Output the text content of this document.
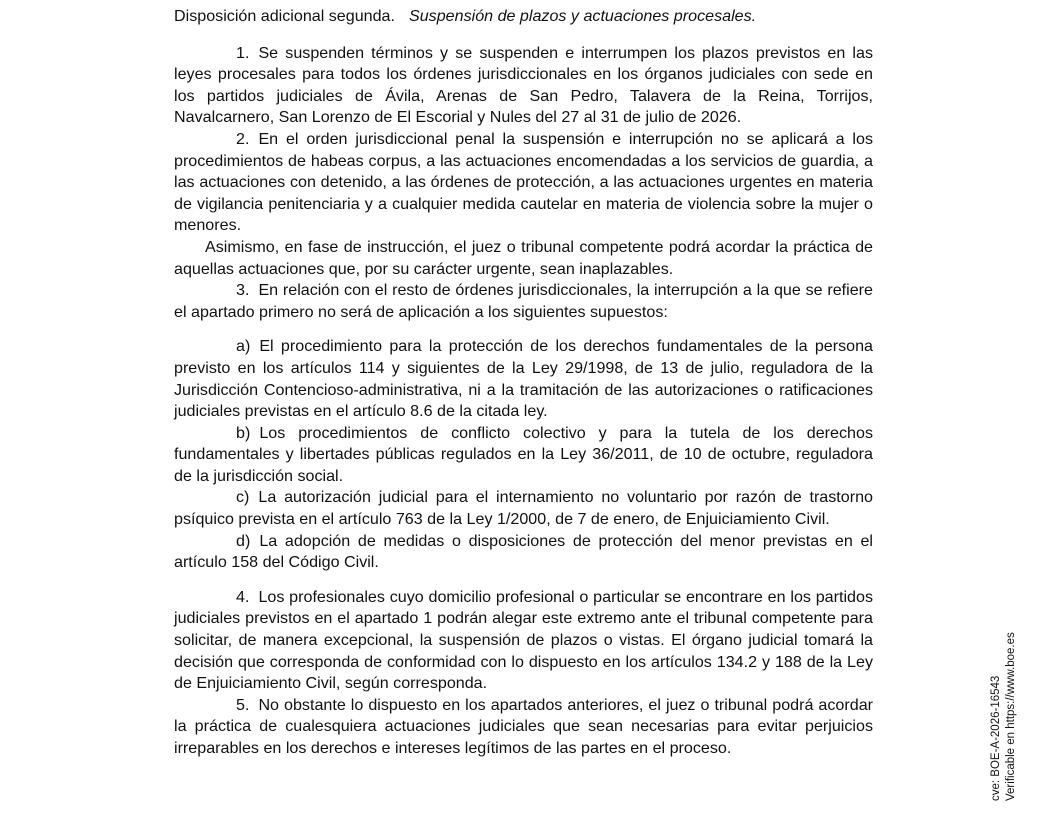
Disposición adicional segunda. Suspensión de plazos y actuaciones procesales.

1. Se suspenden términos y se suspenden e interrumpen los plazos previstos en las leyes procesales para todos los órdenes jurisdiccionales en los órganos judiciales con sede en los partidos judiciales de Ávila, Arenas de San Pedro, Talavera de la Reina, Torrijos, Navalcarnero, San Lorenzo de El Escorial y Nules del 27 al 31 de julio de 2026.

2. En el orden jurisdiccional penal la suspensión e interrupción no se aplicará a los procedimientos de habeas corpus, a las actuaciones encomendadas a los servicios de guardia, a las actuaciones con detenido, a las órdenes de protección, a las actuaciones urgentes en materia de vigilancia penitenciaria y a cualquier medida cautelar en materia de violencia sobre la mujer o menores.

Asimismo, en fase de instrucción, el juez o tribunal competente podrá acordar la práctica de aquellas actuaciones que, por su carácter urgente, sean inaplazables.

3. En relación con el resto de órdenes jurisdiccionales, la interrupción a la que se refiere el apartado primero no será de aplicación a los siguientes supuestos:

a) El procedimiento para la protección de los derechos fundamentales de la persona previsto en los artículos 114 y siguientes de la Ley 29/1998, de 13 de julio, reguladora de la Jurisdicción Contencioso-administrativa, ni a la tramitación de las autorizaciones o ratificaciones judiciales previstas en el artículo 8.6 de la citada ley.

b) Los procedimientos de conflicto colectivo y para la tutela de los derechos fundamentales y libertades públicas regulados en la Ley 36/2011, de 10 de octubre, reguladora de la jurisdicción social.

c) La autorización judicial para el internamiento no voluntario por razón de trastorno psíquico prevista en el artículo 763 de la Ley 1/2000, de 7 de enero, de Enjuiciamiento Civil.

d) La adopción de medidas o disposiciones de protección del menor previstas en el artículo 158 del Código Civil.

4. Los profesionales cuyo domicilio profesional o particular se encontrare en los partidos judiciales previstos en el apartado 1 podrán alegar este extremo ante el tribunal competente para solicitar, de manera excepcional, la suspensión de plazos o vistas. El órgano judicial tomará la decisión que corresponda de conformidad con lo dispuesto en los artículos 134.2 y 188 de la Ley de Enjuiciamiento Civil, según corresponda.

5. No obstante lo dispuesto en los apartados anteriores, el juez o tribunal podrá acordar la práctica de cualesquiera actuaciones judiciales que sean necesarias para evitar perjuicios irreparables en los derechos e intereses legítimos de las partes en el proceso.	cve: BOE-A-2026-16543 Verificable en https://www.boe.es
